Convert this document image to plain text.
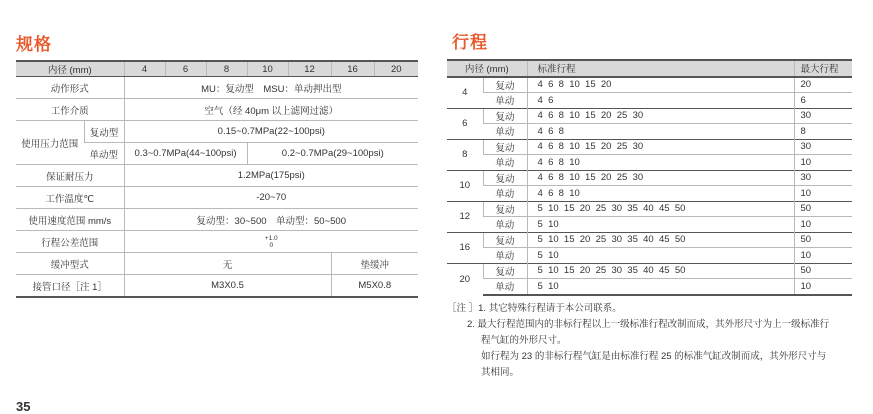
规格	行程
内径 (mm)		4	6	8	10	12	16	20
动作形式		MU：复动型　MSU：单动押出型						
工作介质		空气（经 40μm 以上滤网过滤）						
使用压力范围	复动型	0.15~0.7MPa(22~100psi)						
	单动型	0.3~0.7MPa(44~100psi)			0.2~0.7MPa(29~100psi)			
保证耐压力		1.2MPa(175psi)						
工作温度℃		-20~70						
使用速度范围 mm/s		复动型：30~500　单动型：50~500						
行程公差范围		+1.0
0						
缓冲型式		无					垫缓冲	
接管口径［注 1］		M3X0.5					M5X0.8	
内径 (mm)		标准行程	最大行程
4	复动	4  6  8  10  15  20	20
	单动	4  6	6
6	复动	4  6  8  10  15  20  25  30	30
	单动	4  6  8	8
8	复动	4  6  8  10  15  20  25  30	30
	单动	4  6  8  10	10
10	复动	4  6  8  10  15  20  25  30	30
	单动	4  6  8  10	10
12	复动	5  10  15  20  25  30  35  40  45  50	50
	单动	5  10	10
16	复动	5  10  15  20  25  30  35  40  45  50	50
	单动	5  10	10
20	复动	5  10  15  20  25  30  35  40  45  50	50
	单动	5  10	10
［注 ］1. 其它特殊行程请于本公司联系。
2. 最大行程范围内的非标行程以上一级标准行程改制而成，其外形尺寸为上一级标准行
程气缸的外形尺寸。
如行程为 23 的非标行程气缸是由标准行程 25 的标准气缸改制而成，其外形尺寸与
其相同。
35
